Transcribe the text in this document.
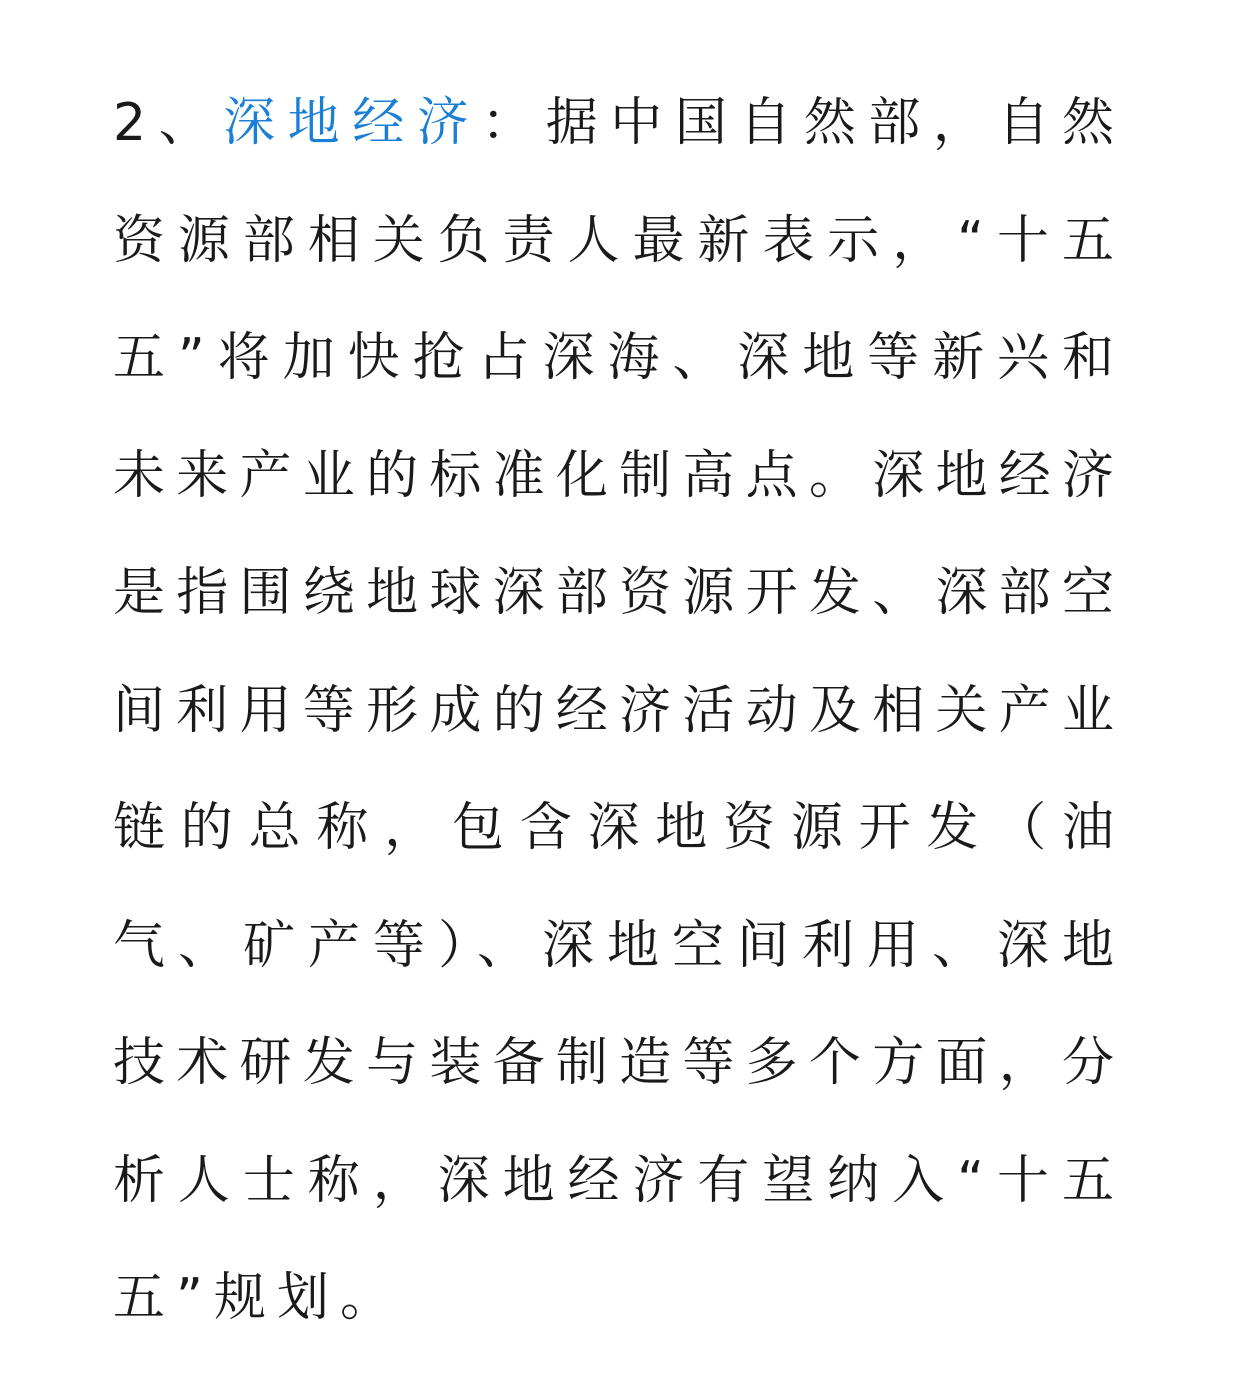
2、深地经济：据中国自然部，自然资源部相关负责人最新表示，“十五五”将加快抢占深海、深地等新兴和未来产业的标准化制高点。深地经济是指围绕地球深部资源开发、深部空间利用等形成的经济活动及相关产业链的总称，包含深地资源开发（油气、矿产等）、深地空间利用、深地技术研发与装备制造等多个方面，分析人士称，深地经济有望纳入“十五五”规划。
